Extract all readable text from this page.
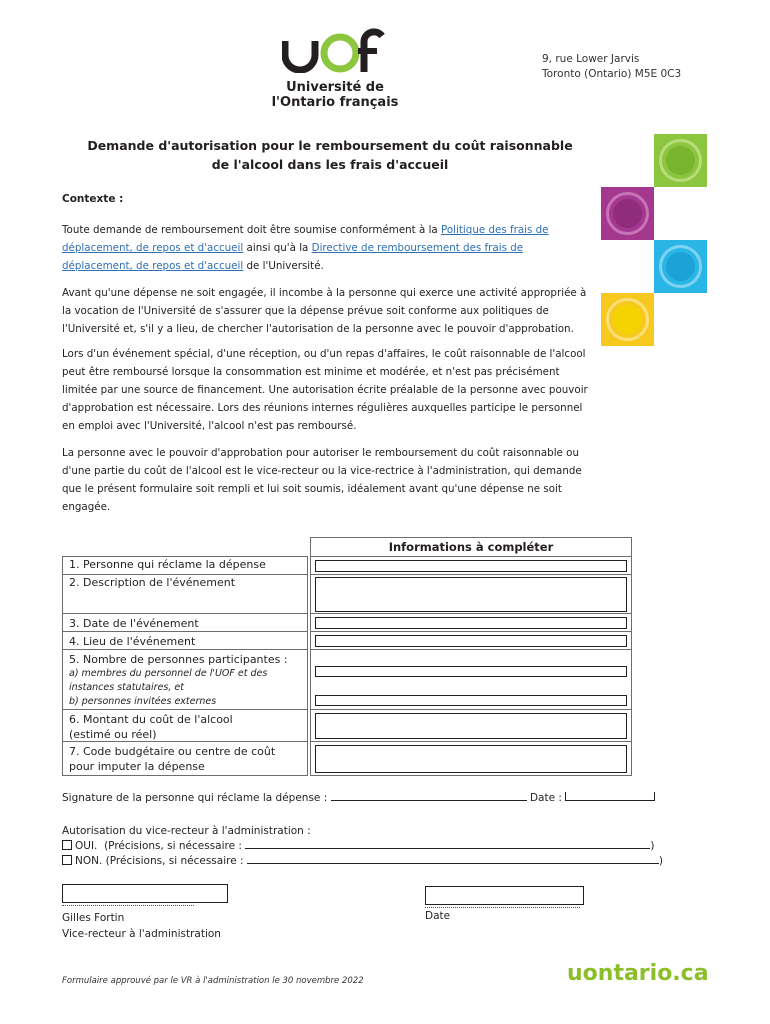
Université de
l'Ontario français
9, rue Lower Jarvis
Toronto (Ontario) M5E 0C3
Demande d'autorisation pour le remboursement du coût raisonnable
de l'alcool dans les frais d'accueil
Contexte :
Toute demande de remboursement doit être soumise conformément à la Politique des frais de déplacement, de repos et d'accueil ainsi qu'à la Directive de remboursement des frais de déplacement, de repos et d'accueil de l'Université.
Avant qu'une dépense ne soit engagée, il incombe à la personne qui exerce une activité appropriée à la vocation de l'Université de s'assurer que la dépense prévue soit conforme aux politiques de l'Université et, s'il y a lieu, de chercher l'autorisation de la personne avec le pouvoir d'approbation.
Lors d'un événement spécial, d'une réception, ou d'un repas d'affaires, le coût raisonnable de l'alcool peut être remboursé lorsque la consommation est minime et modérée, et n'est pas précisément limitée par une source de financement. Une autorisation écrite préalable de la personne avec pouvoir d'approbation est nécessaire. Lors des réunions internes régulières auxquelles participe le personnel en emploi avec l'Université, l'alcool n'est pas remboursé.
La personne avec le pouvoir d'approbation pour autoriser le remboursement du coût raisonnable ou d'une partie du coût de l'alcool est le vice-recteur ou la vice-rectrice à l'administration, qui demande que le présent formulaire soit rempli et lui soit soumis, idéalement avant qu'une dépense ne soit engagée.
Informations à compléter
1. Personne qui réclame la dépense
2. Description de l'événement
3. Date de l'événement
4. Lieu de l'événement
5. Nombre de personnes participantes :
a) membres du personnel de l'UOF et des instances statutaires, et
b) personnes invitées externes
6. Montant du coût de l'alcool
(estimé ou réel)
7. Code budgétaire ou centre de coût
pour imputer la dépense
Signature de la personne qui réclame la dépense :	Date :
Autorisation du vice-recteur à l'administration :
OUI. (Précisions, si nécessaire :	)
NON. (Précisions, si nécessaire :	)
Gilles Fortin
Vice-recteur à l'administration
Date
Formulaire approuvé par le VR à l'administration le 30 novembre 2022	uontario.ca
